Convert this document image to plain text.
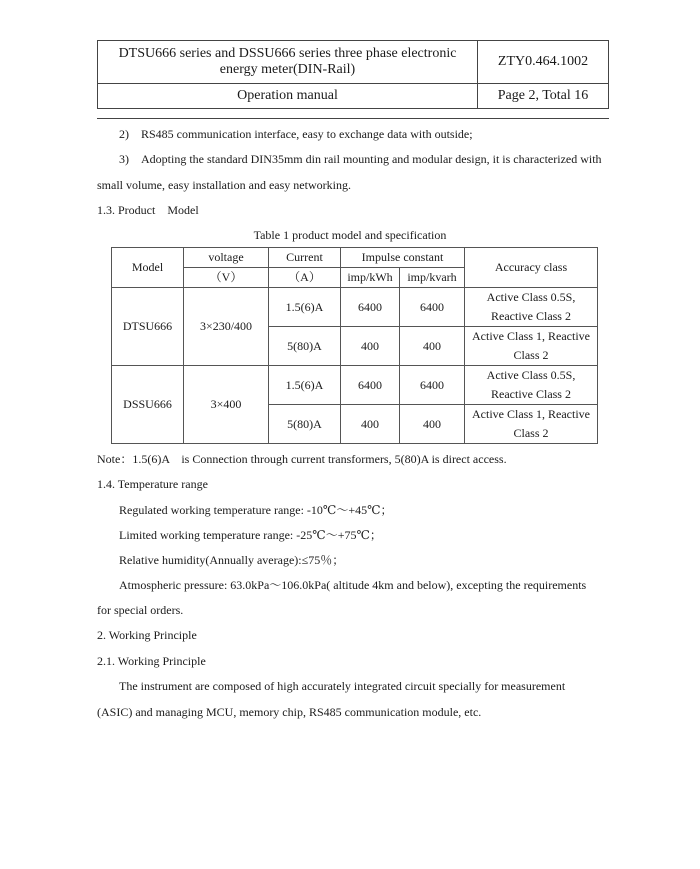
DTSU666 series and DSSU666 series three phase electronic
energy meter(DIN-Rail)	ZTY0.464.1002
Operation manual	Page 2, Total 16
2)　RS485 communication interface, easy to exchange data with outside;
3)　Adopting the standard DIN35mm din rail mounting and modular design, it is characterized with
small volume, easy installation and easy networking.
1.3. Product　Model
Table 1 product model and specification
Model	voltage	Current	Impulse constant		Accuracy class
	（V）	（A）	imp/kWh	imp/kvarh	
DTSU666	3×230/400	1.5(6)A	6400	6400	Active Class 0.5S,
Reactive Class 2
		5(80)A	400	400	Active Class 1, Reactive
Class 2
DSSU666	3×400	1.5(6)A	6400	6400	Active Class 0.5S,
Reactive Class 2
		5(80)A	400	400	Active Class 1, Reactive
Class 2
Note：1.5(6)A　is Connection through current transformers, 5(80)A is direct access.
1.4. Temperature range
Regulated working temperature range: -10℃～+45℃；
Limited working temperature range: -25℃～+75℃；
Relative humidity(Annually average):≤75％；
Atmospheric pressure: 63.0kPa～106.0kPa( altitude 4km and below), excepting the requirements
for special orders.
2. Working Principle
2.1. Working Principle
The instrument are composed of high accurately integrated circuit specially for measurement
(ASIC) and managing MCU, memory chip, RS485 communication module, etc.
